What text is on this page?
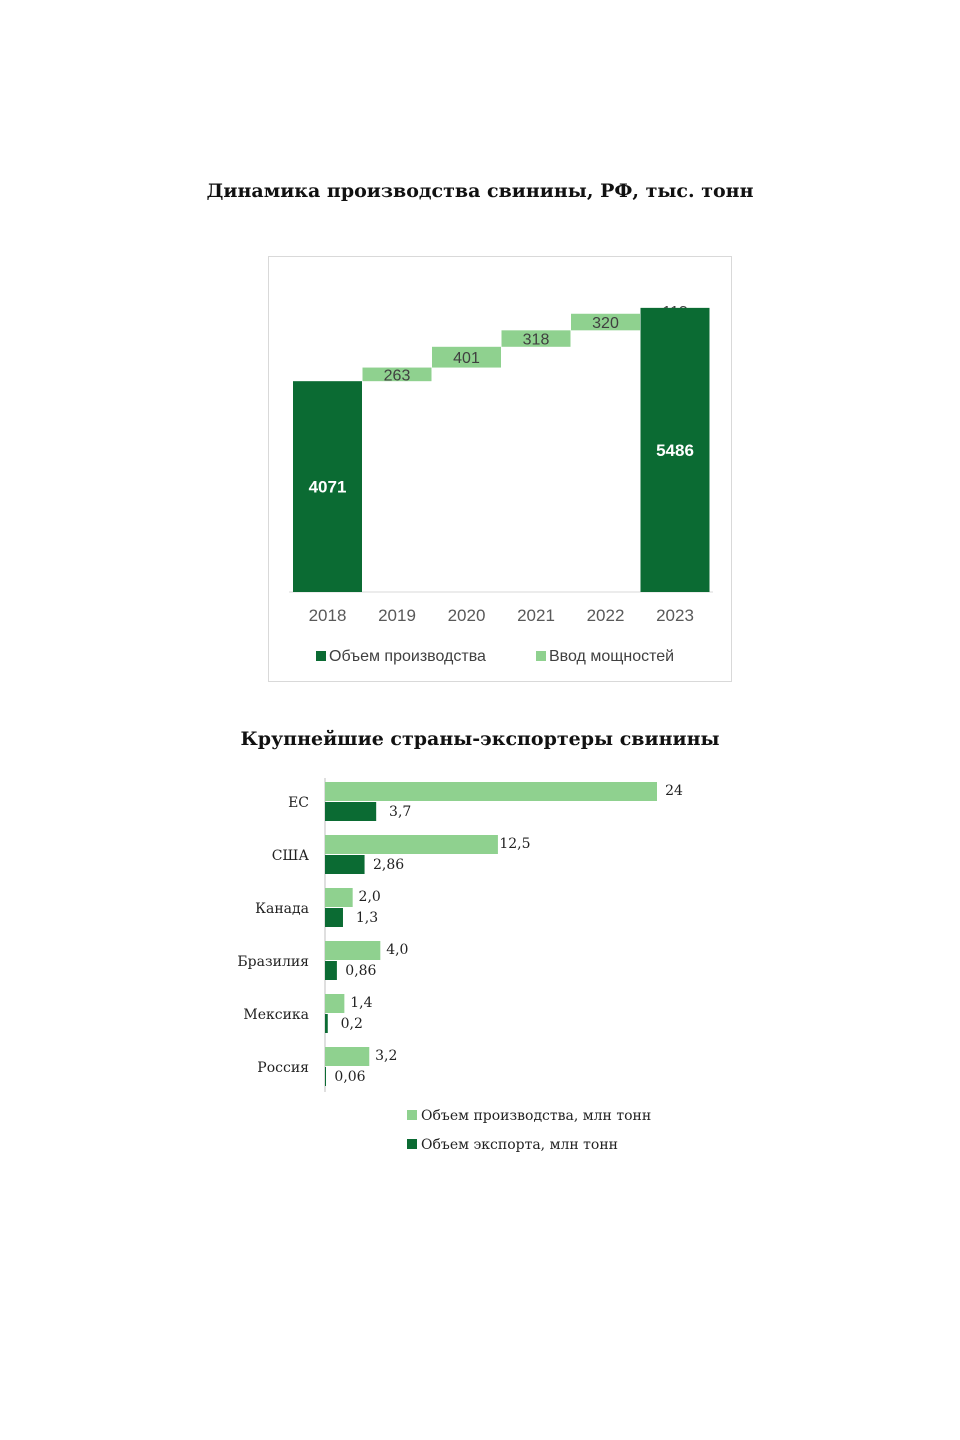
Динамика производства свинины, РФ, тыс. тонн
4071
2018
263
2019
401
2020
318
2021
320
2022
5486
2023
Объем производства	Ввод мощностей
Крупнейшие страны-экспортеры свинины
ЕС
24
3,7
США
12,5
2,86
Канада
2,0
1,3
Бразилия
4,0
0,86
Мексика
1,4
0,2
Россия
3,2
0,06
Объем производства, млн тонн
Объем экспорта, млн тонн
